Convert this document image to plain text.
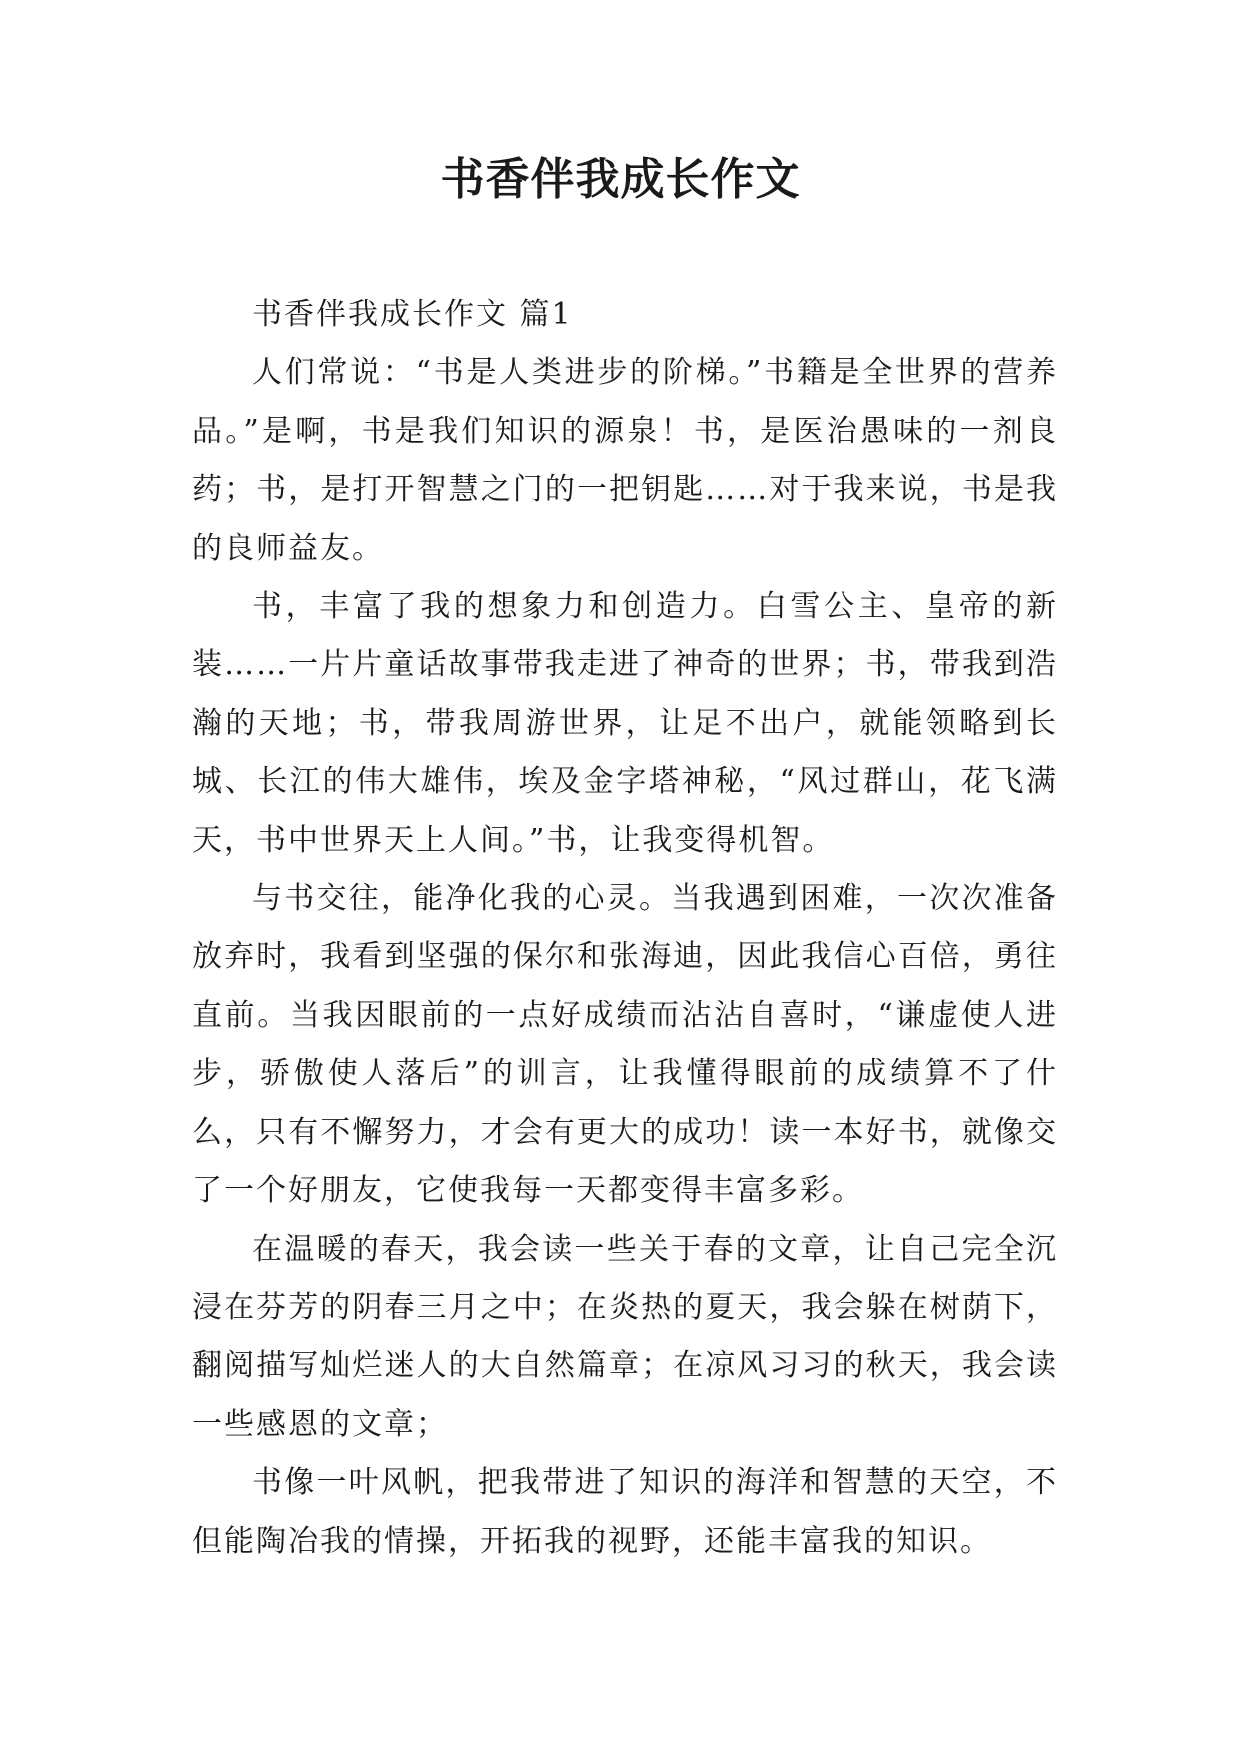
书香伴我成长作文

书香伴我成长作文 篇1

人们常说：“书是人类进步的阶梯。”书籍是全世界的营养品。”是啊，书是我们知识的源泉！书，是医治愚味的一剂良药；书，是打开智慧之门的一把钥匙……对于我来说，书是我的良师益友。

书，丰富了我的想象力和创造力。白雪公主、皇帝的新装……一片片童话故事带我走进了神奇的世界；书，带我到浩瀚的天地；书，带我周游世界，让足不出户，就能领略到长城、长江的伟大雄伟，埃及金字塔神秘，“风过群山，花飞满天，书中世界天上人间。”书，让我变得机智。

与书交往，能净化我的心灵。当我遇到困难，一次次准备放弃时，我看到坚强的保尔和张海迪，因此我信心百倍，勇往直前。当我因眼前的一点好成绩而沾沾自喜时，“谦虚使人进步，骄傲使人落后”的训言，让我懂得眼前的成绩算不了什么，只有不懈努力，才会有更大的成功！读一本好书，就像交了一个好朋友，它使我每一天都变得丰富多彩。

在温暖的春天，我会读一些关于春的文章，让自己完全沉浸在芬芳的阴春三月之中；在炎热的夏天，我会躲在树荫下，翻阅描写灿烂迷人的大自然篇章；在凉风习习的秋天，我会读一些感恩的文章；

书像一叶风帆，把我带进了知识的海洋和智慧的天空，不但能陶冶我的情操，开拓我的视野，还能丰富我的知识。
